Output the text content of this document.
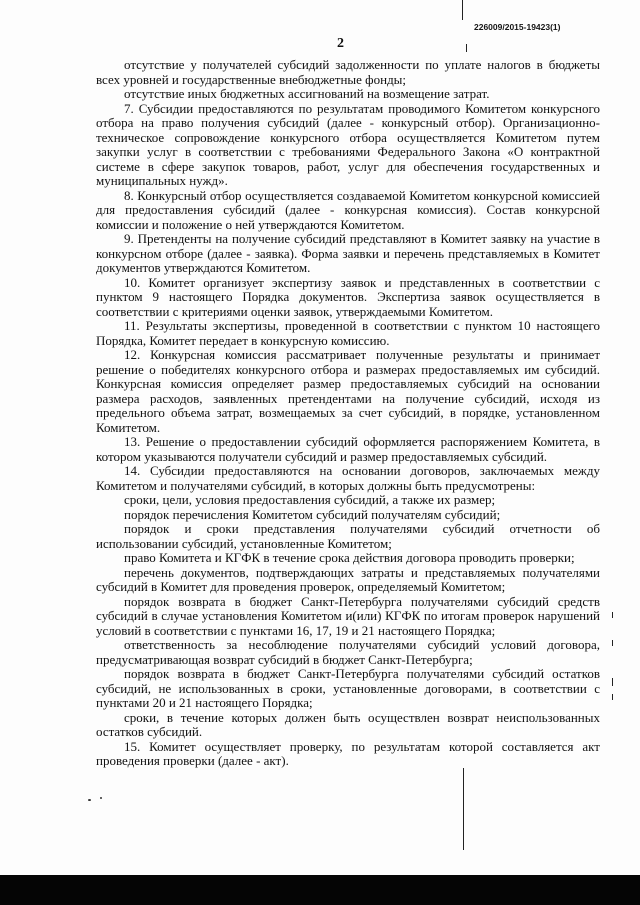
226009/2015-19423(1)
2

отсутствие у получателей субсидий задолженности по уплате налогов в бюджеты всех уровней и государственные внебюджетные фонды;

отсутствие иных бюджетных ассигнований на возмещение затрат.

7. Субсидии предоставляются по результатам проводимого Комитетом конкурсного отбора на право получения субсидий (далее - конкурсный отбор). Организационно-техническое сопровождение конкурсного отбора осуществляется Комитетом путем закупки услуг в соответствии с требованиями Федерального Закона «О контрактной системе в сфере закупок товаров, работ, услуг для обеспечения государственных и муниципальных нужд».

8. Конкурсный отбор осуществляется создаваемой Комитетом конкурсной комиссией для предоставления субсидий (далее - конкурсная комиссия). Состав конкурсной комиссии и положение о ней утверждаются Комитетом.

9. Претенденты на получение субсидий представляют в Комитет заявку на участие в конкурсном отборе (далее - заявка). Форма заявки и перечень представляемых в Комитет документов утверждаются Комитетом.

10. Комитет организует экспертизу заявок и представленных в соответствии с пунктом 9 настоящего Порядка документов. Экспертиза заявок осуществляется в соответствии с критериями оценки заявок, утверждаемыми Комитетом.

11. Результаты экспертизы, проведенной в соответствии с пунктом 10 настоящего Порядка, Комитет передает в конкурсную комиссию.

12. Конкурсная комиссия рассматривает полученные результаты и принимает решение о победителях конкурсного отбора и размерах предоставляемых им субсидий. Конкурсная комиссия определяет размер предоставляемых субсидий на основании размера расходов, заявленных претендентами на получение субсидий, исходя из предельного объема затрат, возмещаемых за счет субсидий, в порядке, установленном Комитетом.

13. Решение о предоставлении субсидий оформляется распоряжением Комитета, в котором указываются получатели субсидий и размер предоставляемых субсидий.

14. Субсидии предоставляются на основании договоров, заключаемых между Комитетом и получателями субсидий, в которых должны быть предусмотрены:

сроки, цели, условия предоставления субсидий, а также их размер;

порядок перечисления Комитетом субсидий получателям субсидий;

порядок и сроки представления получателями субсидий отчетности об использовании субсидий, установленные Комитетом;

право Комитета и КГФК в течение срока действия договора проводить проверки;

перечень документов, подтверждающих затраты и представляемых получателями субсидий в Комитет для проведения проверок, определяемый Комитетом;

порядок возврата в бюджет Санкт-Петербурга получателями субсидий средств субсидий в случае установления Комитетом и(или) КГФК по итогам проверок нарушений условий в соответствии с пунктами 16, 17, 19 и 21 настоящего Порядка;

ответственность за несоблюдение получателями субсидий условий договора, предусматривающая возврат субсидий в бюджет Санкт-Петербурга;

порядок возврата в бюджет Санкт-Петербурга получателями субсидий остатков субсидий, не использованных в сроки, установленные договорами, в соответствии с пунктами 20 и 21 настоящего Порядка;

сроки, в течение которых должен быть осуществлен возврат неиспользованных остатков субсидий.

15. Комитет осуществляет проверку, по результатам которой составляется акт проведения проверки (далее - акт).
